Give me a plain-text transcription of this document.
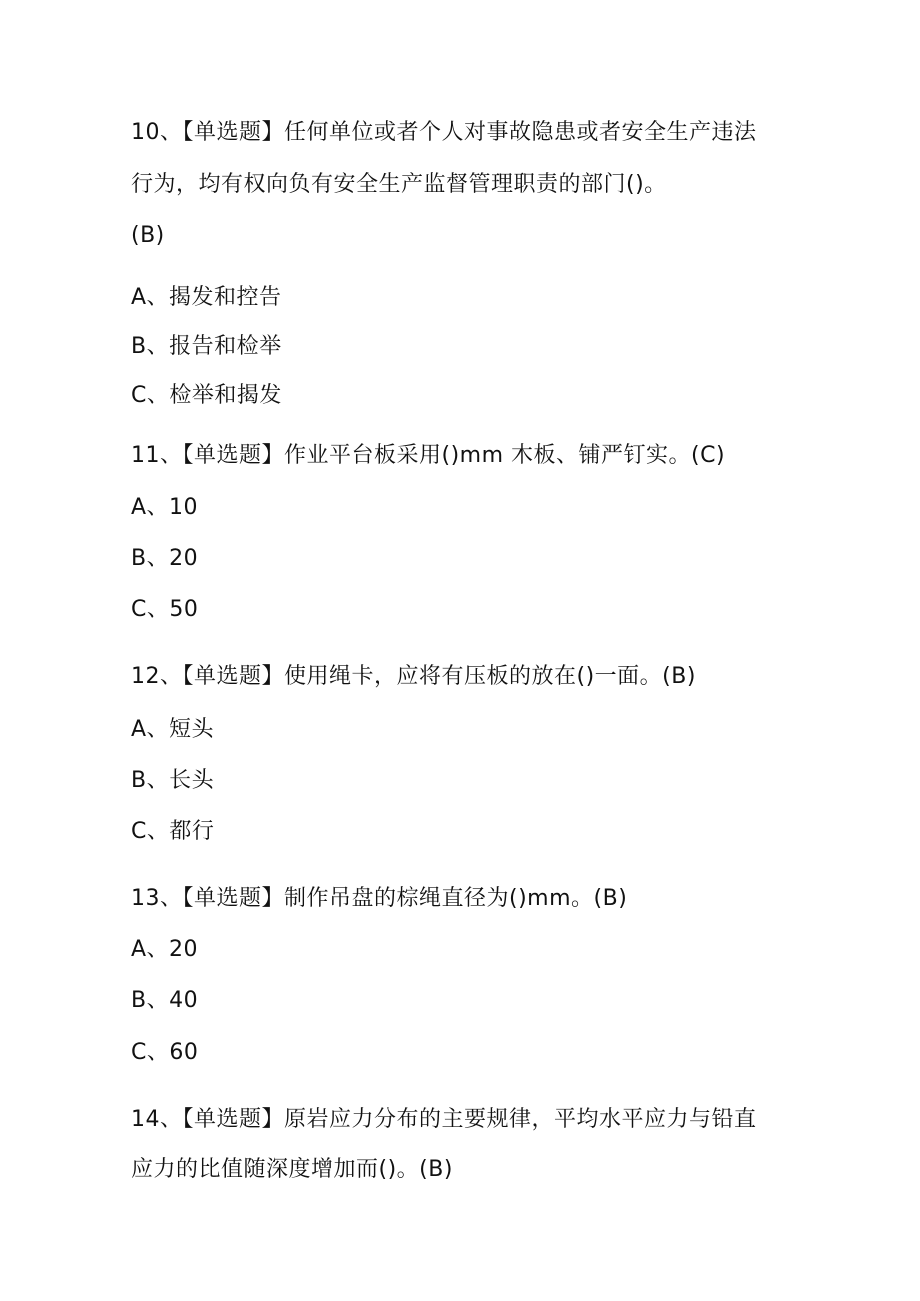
10、【单选题】任何单位或者个人对事故隐患或者安全生产违法
行为，均有权向负有安全生产监督管理职责的部门()。
(B)
A、揭发和控告
B、报告和检举
C、检举和揭发
11、【单选题】作业平台板采用()mm 木板、铺严钉实。(C)
A、10
B、20
C、50
12、【单选题】使用绳卡，应将有压板的放在()一面。(B)
A、短头
B、长头
C、都行
13、【单选题】制作吊盘的棕绳直径为()mm。(B)
A、20
B、40
C、60
14、【单选题】原岩应力分布的主要规律，平均水平应力与铅直
应力的比值随深度增加而()。(B)
